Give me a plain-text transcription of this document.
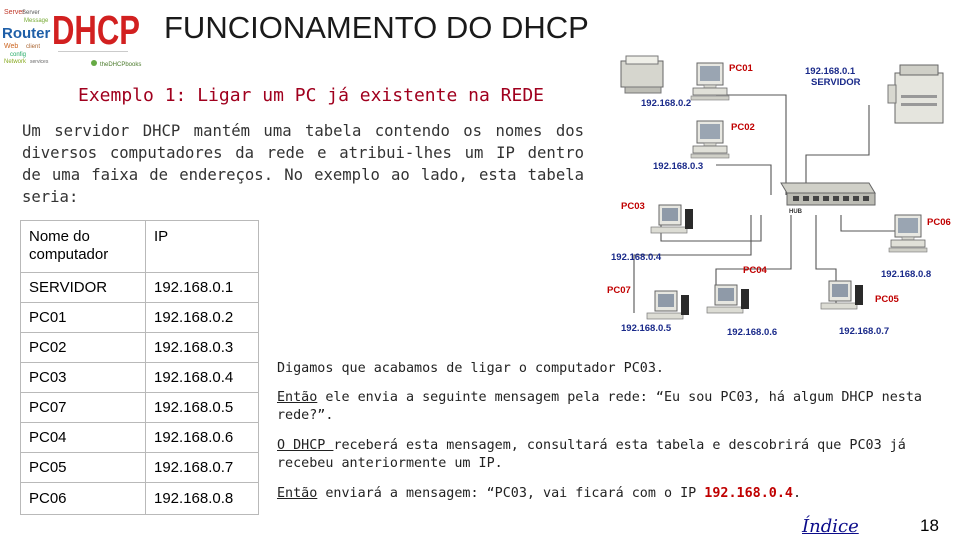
Server
Router
Message
Server
client
Web
config
Network services
DHCP
——————————————
theDHCPbooks
FUNCIONAMENTO DO DHCP
Exemplo 1: Ligar um PC já existente na REDE
Um servidor DHCP mantém uma tabela contendo os nomes dos diversos computadores da rede e atribui-lhes um IP dentro de uma faixa de endereços. No exemplo ao lado, esta tabela seria:
Nome do computador	IP
SERVIDOR	192.168.0.1
PC01	192.168.0.2
PC02	192.168.0.3
PC03	192.168.0.4
PC07	192.168.0.5
PC04	192.168.0.6
PC05	192.168.0.7
PC06	192.168.0.8
PC01
192.168.0.2
192.168.0.1
SERVIDOR
PC02
192.168.0.3
HUB
PC03
192.168.0.4
PC06
192.168.0.8
PC04
192.168.0.6
PC07
192.168.0.5
PC05
192.168.0.7
Digamos que acabamos de ligar o computador PC03.
Então ele envia a seguinte mensagem pela rede: “Eu sou PC03, há algum DHCP nesta rede?”.
O DHCP receberá esta mensagem, consultará esta tabela e descobrirá que PC03 já recebeu anteriormente um IP.
Então enviará a mensagem: “PC03, vai ficará com o IP 192.168.0.4.
Índice	18
